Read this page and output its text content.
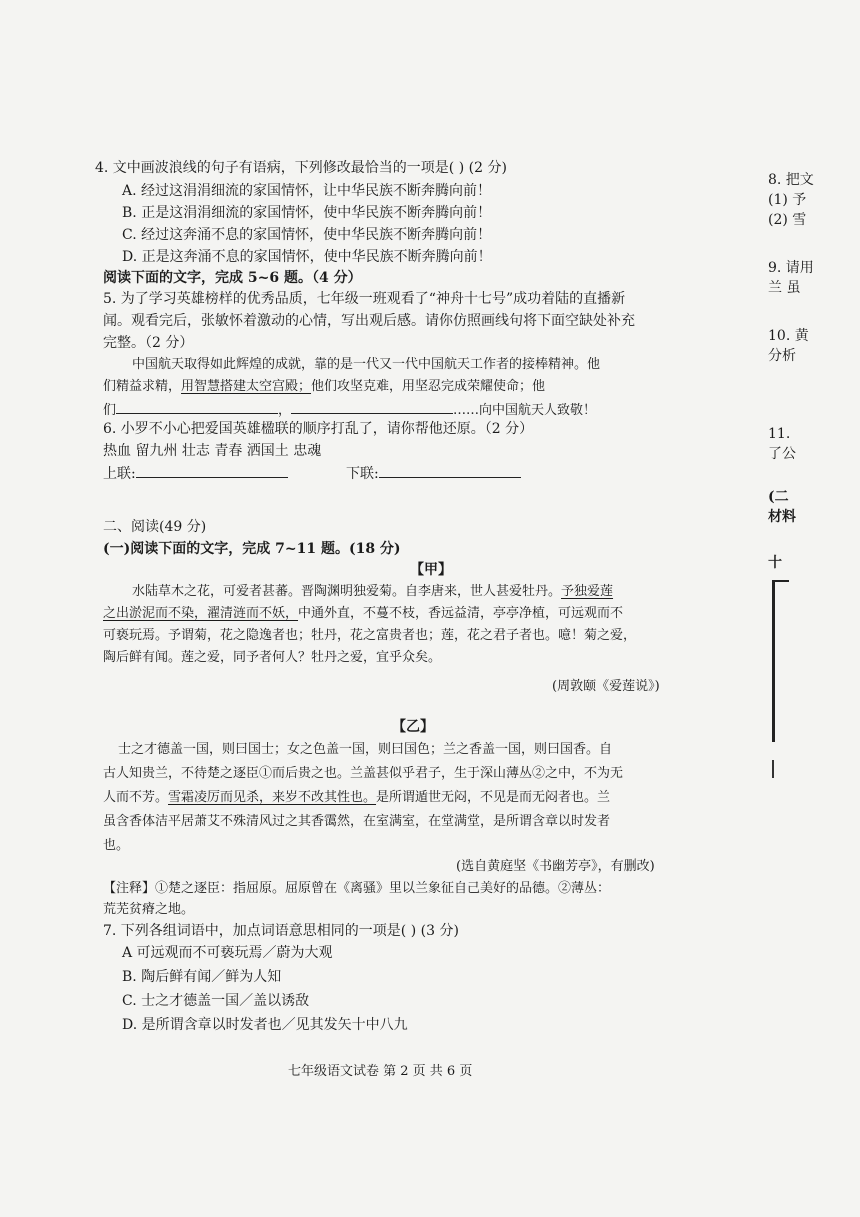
4. 文中画波浪线的句子有语病，下列修改最恰当的一项是( ) (2 分)
A. 经过这涓涓细流的家国情怀，让中华民族不断奔腾向前！
B. 正是这涓涓细流的家国情怀，使中华民族不断奔腾向前！
C. 经过这奔涌不息的家国情怀，使中华民族不断奔腾向前！
D. 正是这奔涌不息的家国情怀，使中华民族不断奔腾向前！
阅读下面的文字，完成 5~6 题。（4 分）
5. 为了学习英雄榜样的优秀品质，七年级一班观看了“神舟十七号”成功着陆的直播新
闻。观看完后，张敏怀着激动的心情，写出观后感。请你仿照画线句将下面空缺处补充
完整。（2 分）
中国航天取得如此辉煌的成就，靠的是一代又一代中国航天工作者的接棒精神。他
们精益求精，用智慧搭建太空宫殿；他们攻坚克难，用坚忍完成荣耀使命；他
们	，	……向中国航天人致敬！
6. 小罗不小心把爱国英雄楹联的顺序打乱了，请你帮他还原。（2 分）
热血 留九州 壮志 青春 洒国土 忠魂
上联:	下联:
二、阅读(49 分)
(一)阅读下面的文字，完成 7~11 题。(18 分)
【甲】
水陆草木之花，可爱者甚蕃。晋陶渊明独爱菊。自李唐来，世人甚爱牡丹。予独爱莲
之出淤泥而不染，濯清涟而不妖，中通外直，不蔓不枝，香远益清，亭亭净植，可远观而不
可亵玩焉。予谓菊，花之隐逸者也；牡丹，花之富贵者也；莲，花之君子者也。噫！菊之爱，
陶后鲜有闻。莲之爱，同予者何人？牡丹之爱，宜乎众矣。
(周敦颐《爱莲说》)
【乙】
士之才德盖一国，则曰国士；女之色盖一国，则曰国色；兰之香盖一国，则曰国香。自
古人知贵兰，不待楚之逐臣①而后贵之也。兰盖甚似乎君子，生于深山薄丛②之中，不为无
人而不芳。雪霜凌厉而见杀，来岁不改其性也。是所谓遁世无闷，不见是而无闷者也。兰
虽含香体洁平居萧艾不殊清风过之其香霭然，在室满室，在堂满堂，是所谓含章以时发者
也。
(选自黄庭坚《书幽芳亭》，有删改)
【注释】①楚之逐臣：指屈原。屈原曾在《离骚》里以兰象征自己美好的品德。②薄丛：
荒芜贫瘠之地。
7. 下列各组词语中，加点词语意思相同的一项是( ) (3 分)
A 可远观而不可亵玩焉／蔚为大观
B. 陶后鲜有闻／鲜为人知
C. 士之才德盖一国／盖以诱敌
D. 是所谓含章以时发者也／见其发矢十中八九
七年级语文试卷 第 2 页 共 6 页
8. 把文
(1) 予
(2) 雪
9. 请用
兰 虽
10. 黄
分析
11.
了公
(二
材料
十
